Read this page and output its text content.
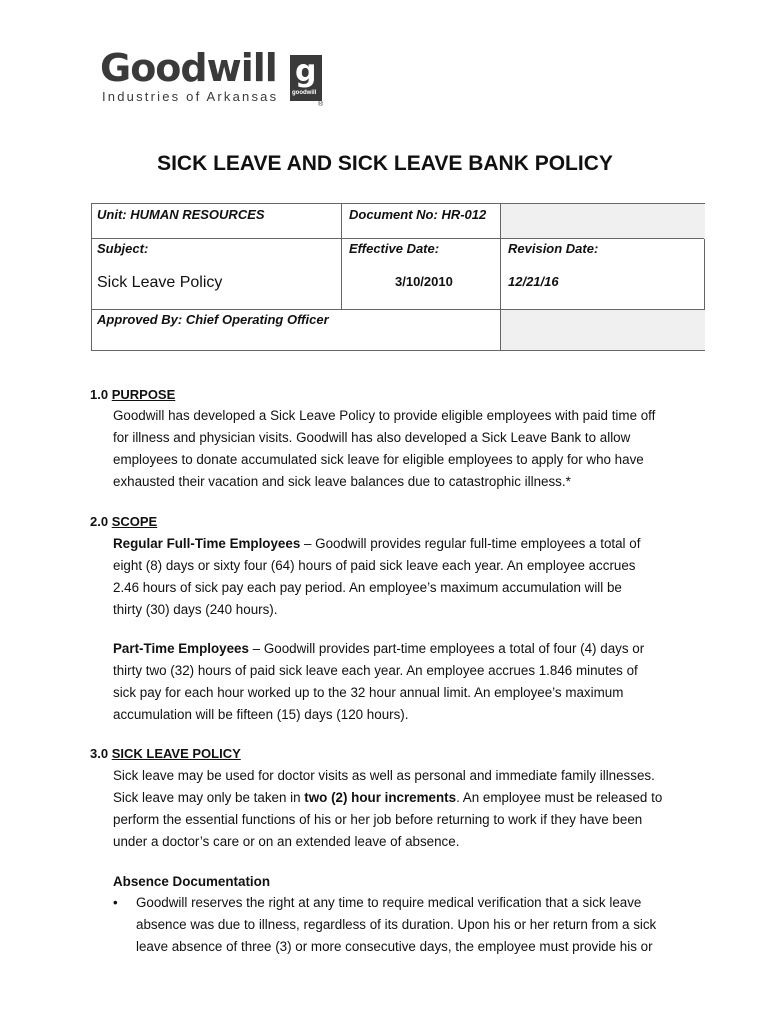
Goodwill
Industries of Arkansas
g
goodwill
®
SICK LEAVE AND SICK LEAVE BANK POLICY
Unit: HUMAN RESOURCES	Document No: HR-012
Subject:
Sick Leave Policy
Effective Date:
3/10/2010
Revision Date:
12/21/16
Approved By: Chief Operating Officer
1.0 PURPOSE
Goodwill has developed a Sick Leave Policy to provide eligible employees with paid time off
for illness and physician visits. Goodwill has also developed a Sick Leave Bank to allow
employees to donate accumulated sick leave for eligible employees to apply for who have
exhausted their vacation and sick leave balances due to catastrophic illness.*
2.0 SCOPE
Regular Full-Time Employees – Goodwill provides regular full-time employees a total of
eight (8) days or sixty four (64) hours of paid sick leave each year. An employee accrues
2.46 hours of sick pay each pay period. An employee’s maximum accumulation will be
thirty (30) days (240 hours).
Part-Time Employees – Goodwill provides part-time employees a total of four (4) days or
thirty two (32) hours of paid sick leave each year. An employee accrues 1.846 minutes of
sick pay for each hour worked up to the 32 hour annual limit. An employee’s maximum
accumulation will be fifteen (15) days (120 hours).
3.0 SICK LEAVE POLICY
Sick leave may be used for doctor visits as well as personal and immediate family illnesses.
Sick leave may only be taken in two (2) hour increments. An employee must be released to
perform the essential functions of his or her job before returning to work if they have been
under a doctor’s care or on an extended leave of absence.
Absence Documentation
• Goodwill reserves the right at any time to require medical verification that a sick leave
absence was due to illness, regardless of its duration. Upon his or her return from a sick
leave absence of three (3) or more consecutive days, the employee must provide his or
